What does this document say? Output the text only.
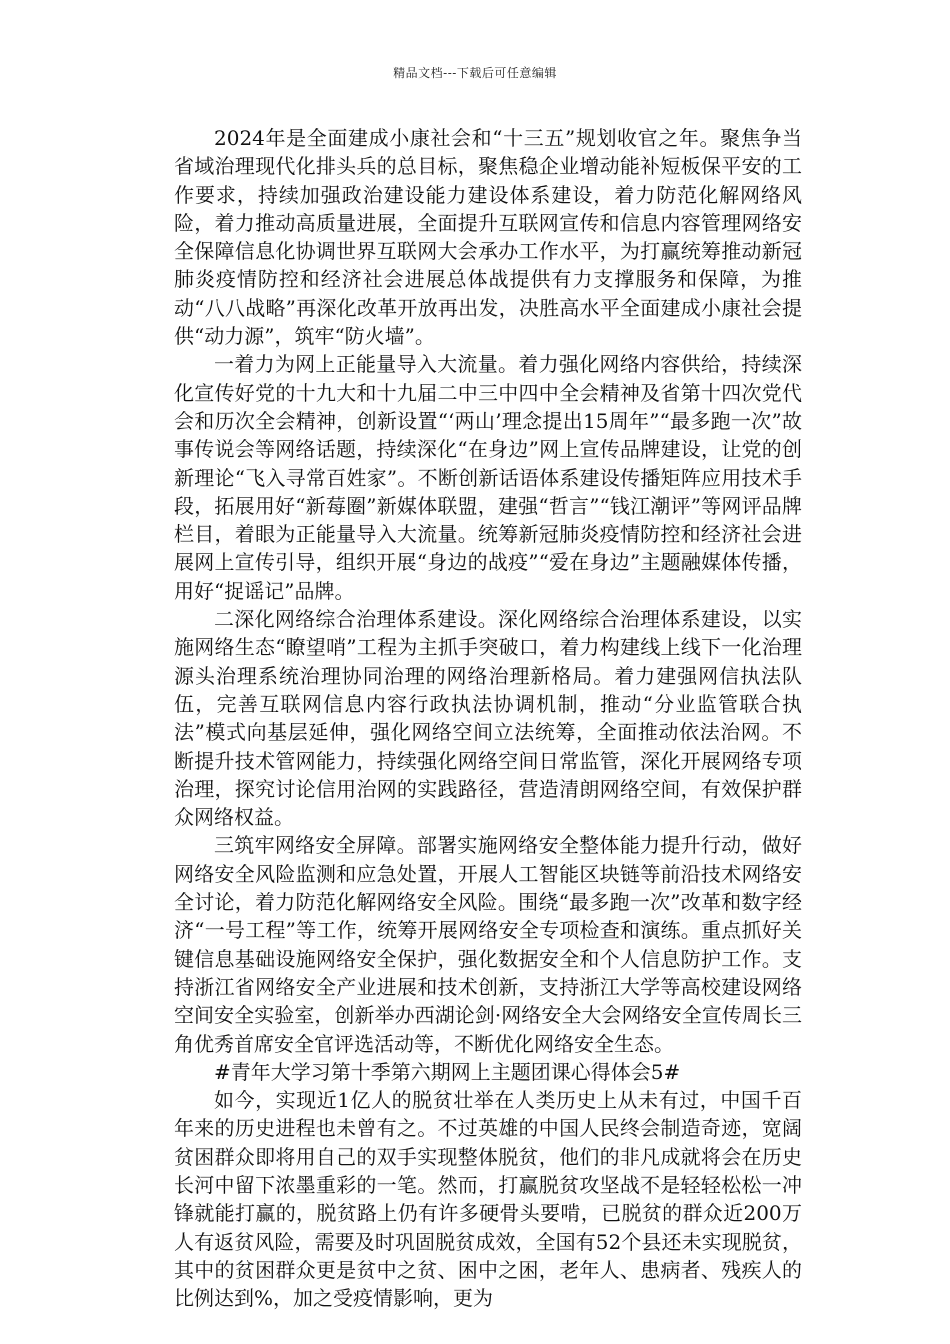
精品文档---下载后可任意编辑

2024年是全面建成小康社会和“十三五”规划收官之年。聚焦争当省域治理现代化排头兵的总目标，聚焦稳企业增动能补短板保平安的工作要求，持续加强政治建设能力建设体系建设，着力防范化解网络风险，着力推动高质量进展，全面提升互联网宣传和信息内容管理网络安全保障信息化协调世界互联网大会承办工作水平，为打赢统筹推动新冠肺炎疫情防控和经济社会进展总体战提供有力支撑服务和保障，为推动“八八战略”再深化改革开放再出发，决胜高水平全面建成小康社会提供“动力源”，筑牢“防火墙”。

一着力为网上正能量导入大流量。着力强化网络内容供给，持续深化宣传好党的十九大和十九届二中三中四中全会精神及省第十四次党代会和历次全会精神，创新设置“‘两山’理念提出15周年”“最多跑一次”故事传说会等网络话题，持续深化“在身边”网上宣传品牌建设，让党的创新理论“飞入寻常百姓家”。不断创新话语体系建设传播矩阵应用技术手段，拓展用好“新莓圈”新媒体联盟，建强“哲言”“钱江潮评”等网评品牌栏目，着眼为正能量导入大流量。统筹新冠肺炎疫情防控和经济社会进展网上宣传引导，组织开展“身边的战疫”“爱在身边”主题融媒体传播，用好“捉谣记”品牌。

二深化网络综合治理体系建设。深化网络综合治理体系建设，以实施网络生态“瞭望哨”工程为主抓手突破口，着力构建线上线下一化治理源头治理系统治理协同治理的网络治理新格局。着力建强网信执法队伍，完善互联网信息内容行政执法协调机制，推动“分业监管联合执法”模式向基层延伸，强化网络空间立法统筹，全面推动依法治网。不断提升技术管网能力，持续强化网络空间日常监管，深化开展网络专项治理，探究讨论信用治网的实践路径，营造清朗网络空间，有效保护群众网络权益。

三筑牢网络安全屏障。部署实施网络安全整体能力提升行动，做好网络安全风险监测和应急处置，开展人工智能区块链等前沿技术网络安全讨论，着力防范化解网络安全风险。围绕“最多跑一次”改革和数字经济“一号工程”等工作，统筹开展网络安全专项检查和演练。重点抓好关键信息基础设施网络安全保护，强化数据安全和个人信息防护工作。支持浙江省网络安全产业进展和技术创新，支持浙江大学等高校建设网络空间安全实验室，创新举办西湖论剑·网络安全大会网络安全宣传周长三角优秀首席安全官评选活动等，不断优化网络安全生态。

#青年大学习第十季第六期网上主题团课心得体会5#

如今，实现近1亿人的脱贫壮举在人类历史上从未有过，中国千百年来的历史进程也未曾有之。不过英雄的中国人民终会制造奇迹，宽阔贫困群众即将用自己的双手实现整体脱贫，他们的非凡成就将会在历史长河中留下浓墨重彩的一笔。然而，打赢脱贫攻坚战不是轻轻松松一冲锋就能打赢的，脱贫路上仍有许多硬骨头要啃，已脱贫的群众近200万人有返贫风险，需要及时巩固脱贫成效，全国有52个县还未实现脱贫，其中的贫困群众更是贫中之贫、困中之困，老年人、患病者、残疾人的比例达到%，加之受疫情影响，更为
